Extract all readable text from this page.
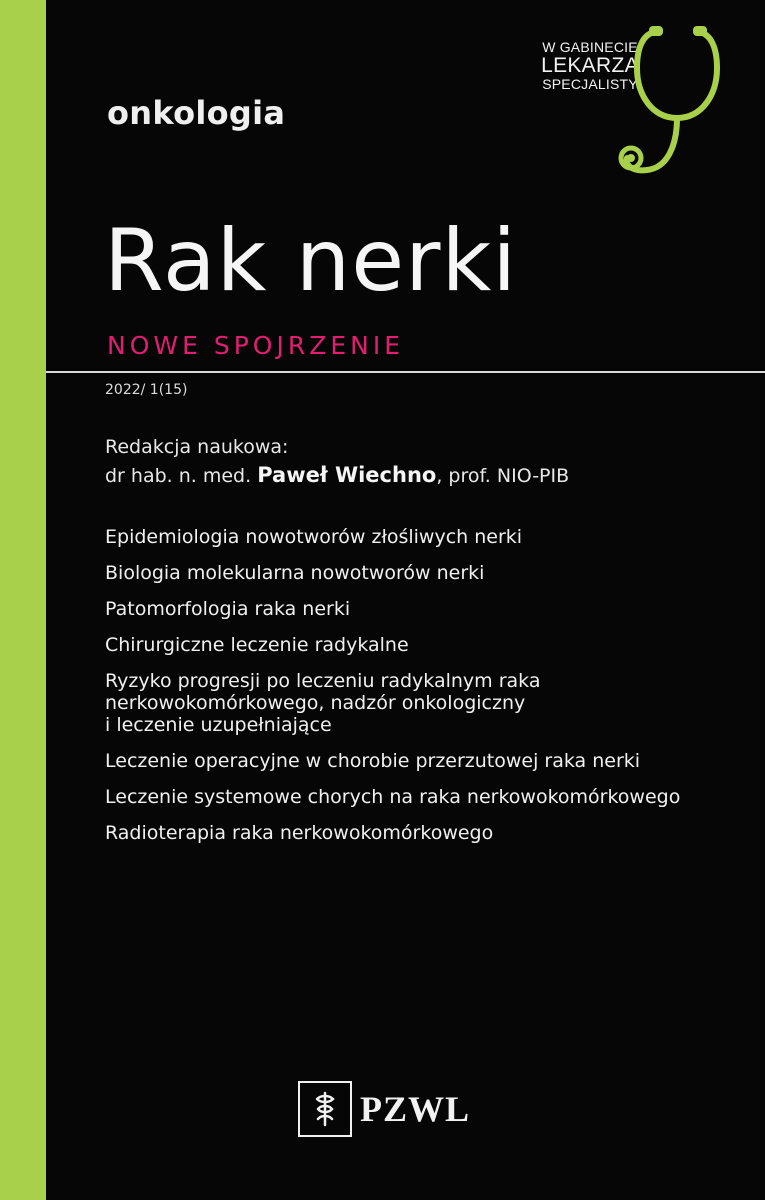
onkologia
W GABINECIE
LEKARZA
SPECJALISTY
Rak nerki
NOWE SPOJRZENIE
2022/ 1(15)
Redakcja naukowa:
dr hab. n. med. Paweł Wiechno, prof. NIO-PIB
Epidemiologia nowotworów złośliwych nerki
Biologia molekularna nowotworów nerki
Patomorfologia raka nerki
Chirurgiczne leczenie radykalne
Ryzyko progresji po leczeniu radykalnym raka
nerkowokomórkowego, nadzór onkologiczny
i leczenie uzupełniające
Leczenie operacyjne w chorobie przerzutowej raka nerki
Leczenie systemowe chorych na raka nerkowokomórkowego
Radioterapia raka nerkowokomórkowego
PZWL
